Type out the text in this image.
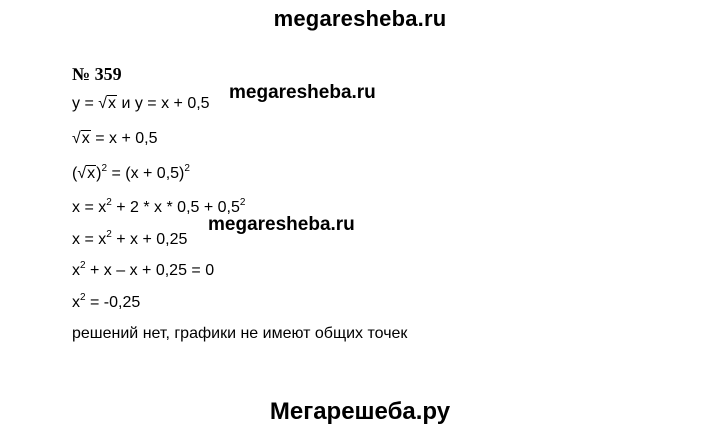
megaresheba.ru
№ 359
y = √x и y = x + 0,5
megaresheba.ru
√x = x + 0,5
$(√x)^2 = (x + 0,5)^2$
$x = x^2 + 2 * x * 0,5 + 0,5^2$
$x = x^2 + x + 0,25$
megaresheba.ru
$x^2 + x - x + 0,25 = 0$
$x^2 = -0,25$
решений нет, графики не имеют общих точек
Мегарешеба.ру
